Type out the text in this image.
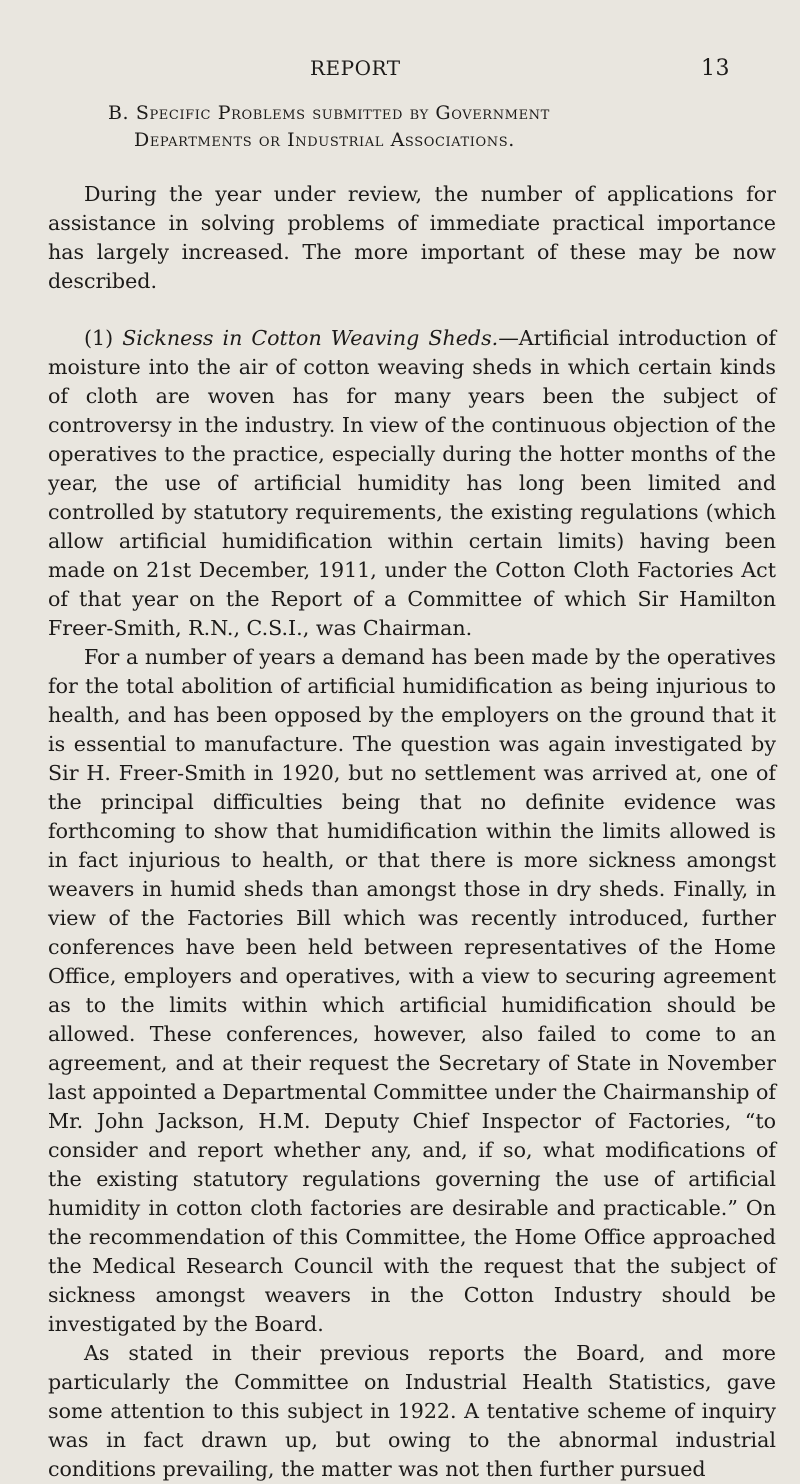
REPORT	13
B. Specific Problems submitted by Government
Departments or Industrial Associations.

During the year under review, the number of applications for assistance in solving problems of immediate practical importance has largely increased. The more important of these may be now described.

(1) Sickness in Cotton Weaving Sheds.—Artificial introduction of moisture into the air of cotton weaving sheds in which certain kinds of cloth are woven has for many years been the subject of controversy in the industry. In view of the continuous objection of the operatives to the practice, especially during the hotter months of the year, the use of artificial humidity has long been limited and controlled by statutory requirements, the existing regulations (which allow artificial humidification within certain limits) having been made on 21st December, 1911, under the Cotton Cloth Factories Act of that year on the Report of a Committee of which Sir Hamilton Freer-Smith, R.N., C.S.I., was Chairman.

For a number of years a demand has been made by the operatives for the total abolition of artificial humidification as being injurious to health, and has been opposed by the employers on the ground that it is essential to manufacture. The question was again investigated by Sir H. Freer-Smith in 1920, but no settlement was arrived at, one of the principal difficulties being that no definite evidence was forthcoming to show that humidification within the limits allowed is in fact injurious to health, or that there is more sickness amongst weavers in humid sheds than amongst those in dry sheds. Finally, in view of the Factories Bill which was recently introduced, further conferences have been held between representatives of the Home Office, employers and operatives, with a view to securing agreement as to the limits within which artificial humidification should be allowed. These conferences, however, also failed to come to an agreement, and at their request the Secretary of State in November last appointed a Departmental Committee under the Chairmanship of Mr. John Jackson, H.M. Deputy Chief Inspector of Factories, “to consider and report whether any, and, if so, what modifications of the existing statutory regulations governing the use of artificial humidity in cotton cloth factories are desirable and practicable.” On the recommendation of this Committee, the Home Office approached the Medical Research Council with the request that the subject of sickness amongst weavers in the Cotton Industry should be investigated by the Board.

As stated in their previous reports the Board, and more particularly the Committee on Industrial Health Statistics, gave some attention to this subject in 1922. A tentative scheme of inquiry was in fact drawn up, but owing to the abnormal industrial conditions prevailing, the matter was not then further pursued
